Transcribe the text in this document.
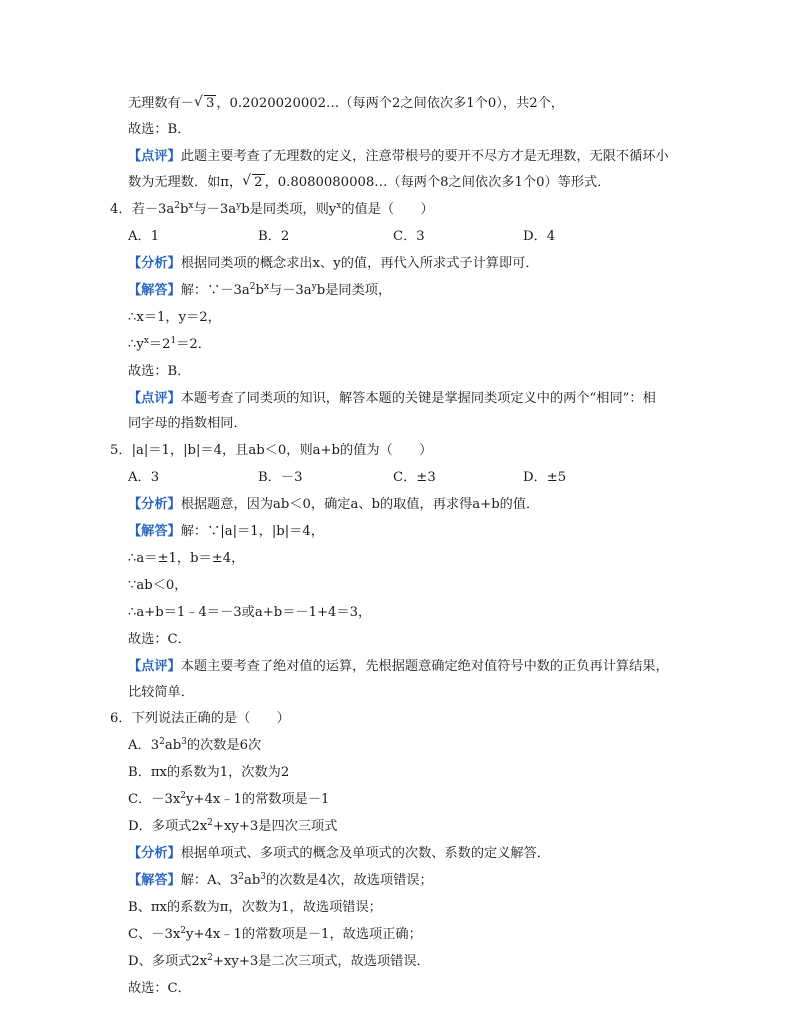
无理数有－ √ 3 ，0.2020020002…（每两个2之间依次多1个0），共2个，
故选：B．
【点评】此题主要考查了无理数的定义，注意带根号的要开不尽方才是无理数，无限不循环小
数为无理数．如π， √ 2 ，0.8080080008…（每两个8之间依次多1个0）等形式．
4．若$-3a^2b^x$与$-3a^yb$是同类项，则$y^x$的值是（　　）
A．1	B．2	C．3	D．4
【分析】根据同类项的概念求出x、y的值，再代入所求式子计算即可．
【解答】解：$\because-3a^2b^x$与$-3a^yb$是同类项，
∴x＝1，y＝2，
$\therefore y^x=2^1=2$．
故选：B．
【点评】本题考查了同类项的知识，解答本题的关键是掌握同类项定义中的两个“相同”：相
同字母的指数相同．
5．|a|＝1，|b|＝4，且ab＜0，则a+b的值为（　　）
A．3	B．－3	C．±3	D．±5
【分析】根据题意，因为ab＜0，确定a、b的取值，再求得a+b的值．
【解答】解：∵|a|＝1，|b|＝4，
∴a＝±1，b＝±4，
∵ab＜0，
∴a+b＝1﹣4＝－3或a+b＝－1+4＝3，
故选：C．
【点评】本题主要考查了绝对值的运算，先根据题意确定绝对值符号中数的正负再计算结果，
比较简单．
6．下列说法正确的是（　　）
A．$3^2ab^3$的次数是6次
B．πx的系数为1，次数为2
C．$-3x^2y+4x﹣1$的常数项是－1
D．多项式$2x^2+xy+3$是四次三项式
【分析】根据单项式、多项式的概念及单项式的次数、系数的定义解答．
【解答】解：A、$3^2ab^3$的次数是4次，故选项错误；
B、πx的系数为π，次数为1，故选项错误；
C、$-3x^2y+4x﹣1$的常数项是－1，故选项正确；
D、多项式$2x^2+xy+3$是二次三项式，故选项错误．
故选：C．
